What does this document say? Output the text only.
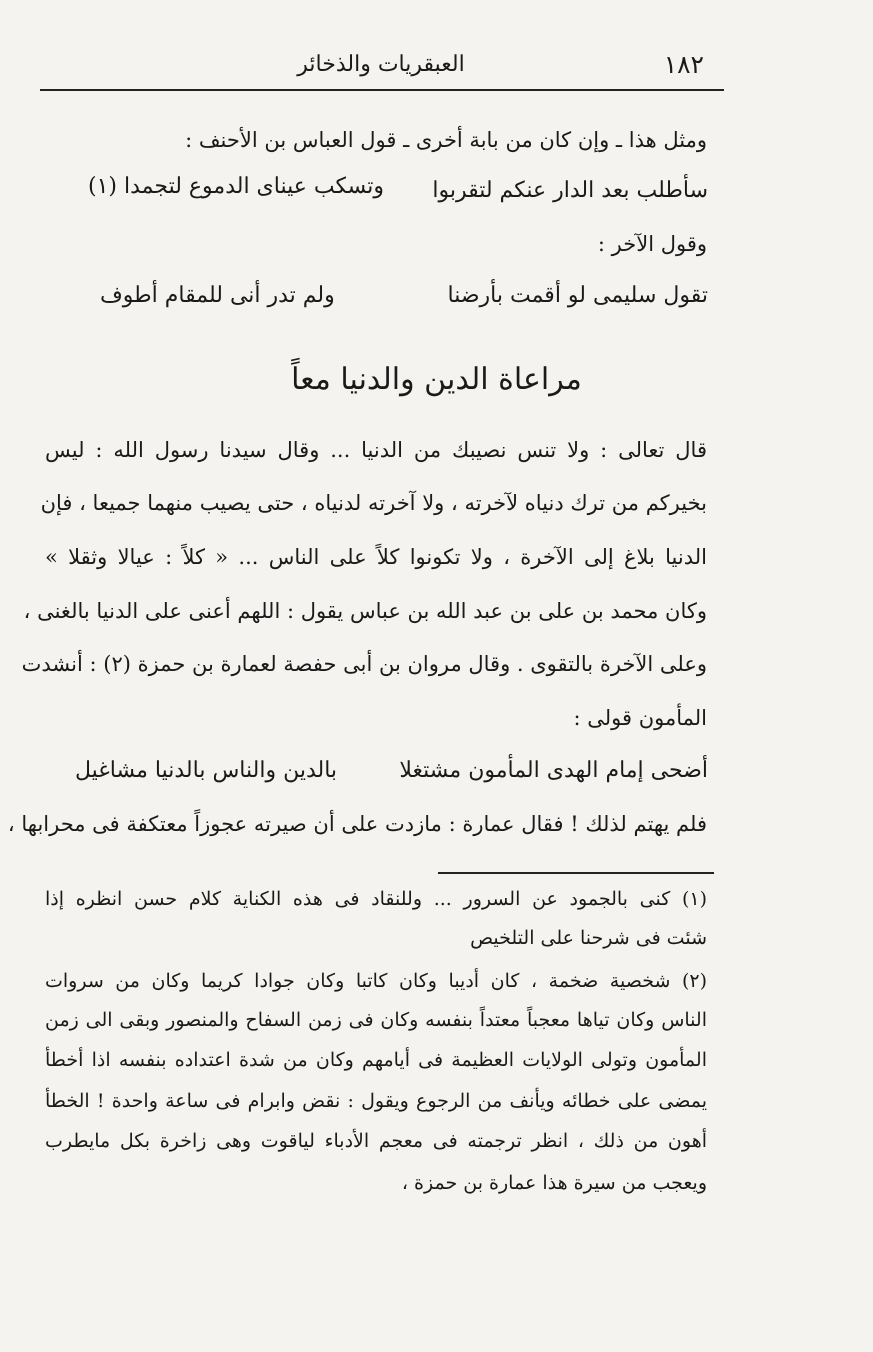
١٨٢
العبقريات والذخائر
ومثل هذا ـ وإن كان من بابة أخرى ـ قول العباس بن الأحنف :
سأطلب بعد الدار عنكم لتقربوا
وتسكب عيناى الدموع لتجمدا (١)
وقول الآخر :
تقول سليمى لو أقمت بأرضنا
ولم تدر أنى للمقام أطوف
مراعاة الدين والدنيا معاً
قال تعالى : ولا تنس نصيبك من الدنيا ... وقال سيدنا رسول الله : ليس
بخيركم من ترك دنياه لآخرته ، ولا آخرته لدنياه ، حتى يصيب منهما جميعا ، فإن
الدنيا بلاغ إلى الآخرة ، ولا تكونوا كلاً على الناس ... « كلاً : عيالا وثقلا »
وكان محمد بن على بن عبد الله بن عباس يقول : اللهم أعنى على الدنيا بالغنى ،
وعلى الآخرة بالتقوى . وقال مروان بن أبى حفصة لعمارة بن حمزة (٢) : أنشدت
المأمون قولى :
أضحى إمام الهدى المأمون مشتغلا
بالدين والناس بالدنيا مشاغيل
فلم يهتم لذلك ! فقال عمارة : مازدت على أن صيرته عجوزاً معتكفة فى محرابها ،
(١) كنى بالجمود عن السرور ... وللنقاد فى هذه الكناية كلام حسن انظره إذا
شئت فى شرحنا على التلخيص
(٢) شخصية ضخمة ، كان أديبا وكان كاتبا وكان جوادا كريما وكان من سروات
الناس وكان تياها معجباً معتداً بنفسه وكان فى زمن السفاح والمنصور وبقى الى زمن
المأمون وتولى الولايات العظيمة فى أيامهم وكان من شدة اعتداده بنفسه اذا أخطأ
يمضى على خطائه ويأنف من الرجوع ويقول : نقض وابرام فى ساعة واحدة ! الخطأ
أهون من ذلك ، انظر ترجمته فى معجم الأدباء لياقوت وهى زاخرة بكل مايطرب
ويعجب من سيرة هذا عمارة بن حمزة ،
